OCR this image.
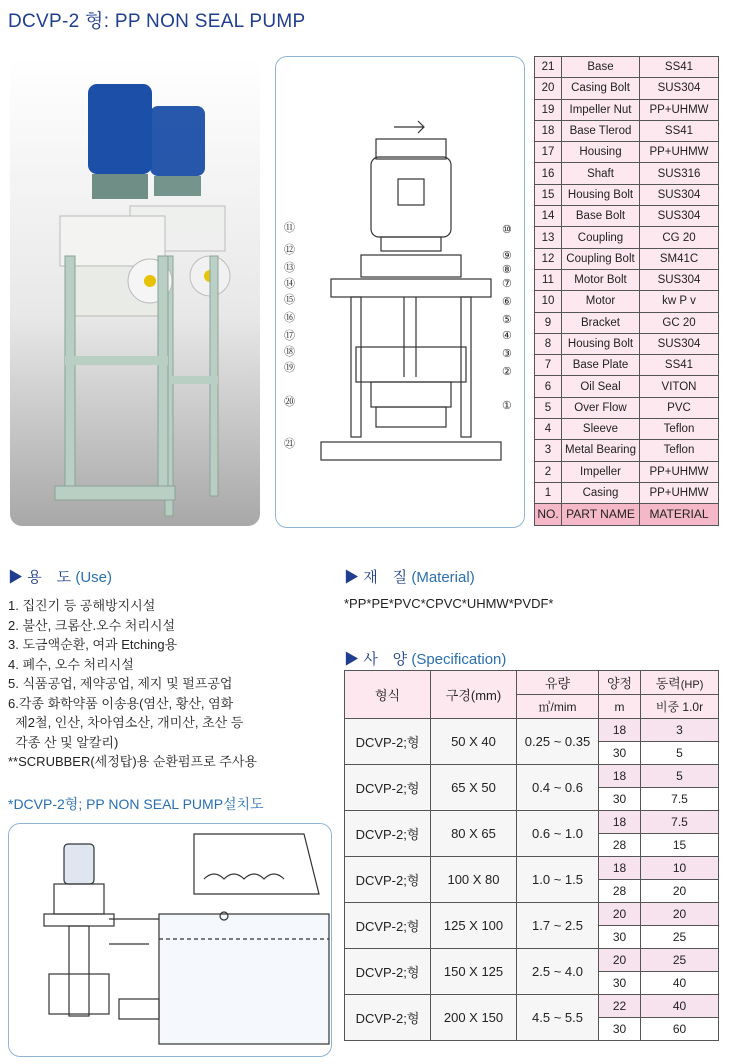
DCVP-2 형: PP NON SEAL PUMP
⑪
⑫
⑬
⑭
⑮
⑯
⑰
⑱
⑲
⑳
㉑
⑩
⑨
⑧
⑦
⑥
⑤
④
③
②
①
21	Base	SS41
20	Casing Bolt	SUS304
19	Impeller Nut	PP+UHMW
18	Base Tlerod	SS41
17	Housing	PP+UHMW
16	Shaft	SUS316
15	Housing Bolt	SUS304
14	Base Bolt	SUS304
13	Coupling	CG 20
12	Coupling Bolt	SM41C
11	Motor Bolt	SUS304
10	Motor	kw P v
9	Bracket	GC 20
8	Housing Bolt	SUS304
7	Base Plate	SS41
6	Oil Seal	VITON
5	Over Flow	PVC
4	Sleeve	Teflon
3	Metal Bearing	Teflon
2	Impeller	PP+UHMW
1	Casing	PP+UHMW
NO.	PART NAME	MATERIAL
▶ 용　도 (Use)
1. 집진기 등 공해방지시설
2. 불산, 크롬산.오수 처리시설
3. 도금액순환, 여과 Etching용
4. 폐수, 오수 처리시설
5. 식품공업, 제약공업, 제지 및 펄프공업
6.각종 화학약품 이송용(염산, 황산, 염화
제2철, 인산, 차아염소산, 개미산, 초산 등
각종 산 및 알칼리)
**SCRUBBER(세정탑)용 순환펌프로 주사용
▶ 재　질 (Material)
*PP*PE*PVC*CPVC*UHMW*PVDF*
▶ 사　양 (Specification)
형식	구경(mm)	유량	양정	동력(HP)
		㎥/mim	m	비중 1.0r
DCVP-2;형	50 X 40	0.25 ~ 0.35	18	3
			30	5
DCVP-2;형	65 X 50	0.4 ~ 0.6	18	5
			30	7.5
DCVP-2;형	80 X 65	0.6 ~ 1.0	18	7.5
			28	15
DCVP-2;형	100 X 80	1.0 ~ 1.5	18	10
			28	20
DCVP-2;형	125 X 100	1.7 ~ 2.5	20	20
			30	25
DCVP-2;형	150 X 125	2.5 ~ 4.0	20	25
			30	40
DCVP-2;형	200 X 150	4.5 ~ 5.5	22	40
			30	60
*DCVP-2형; PP NON SEAL PUMP설치도
